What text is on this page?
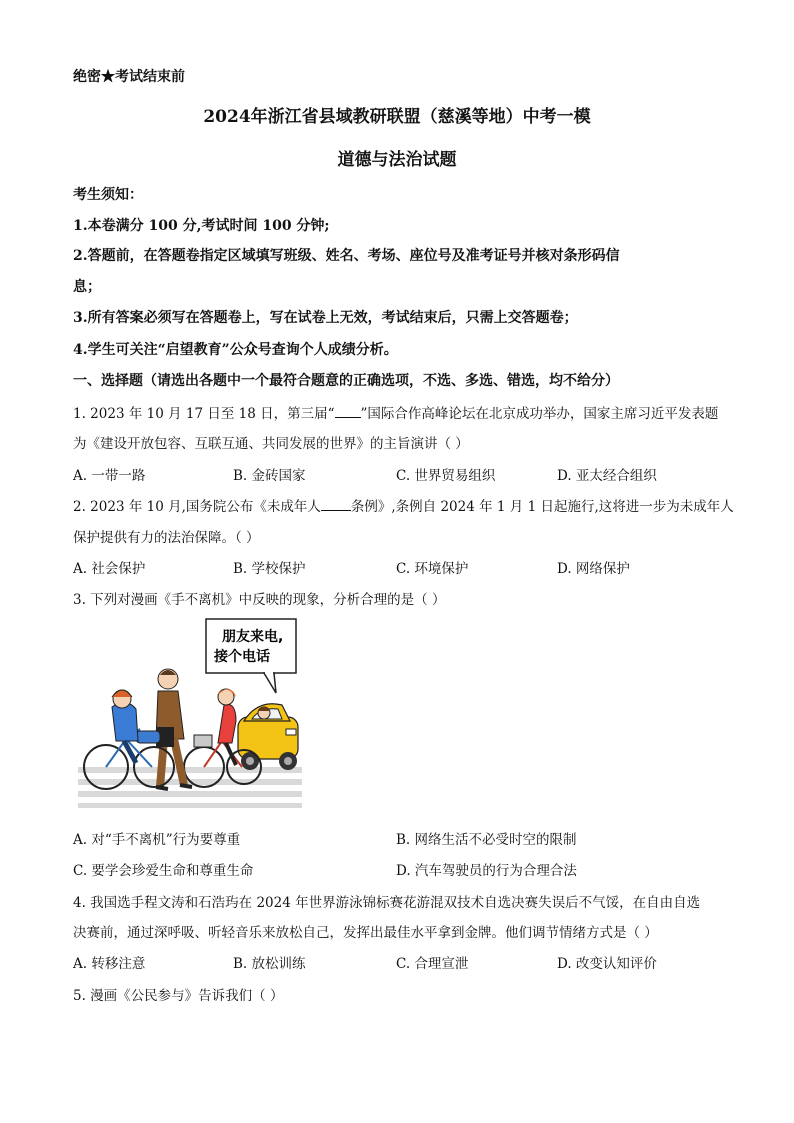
绝密★考试结束前
2024年浙江省县域教研联盟（慈溪等地）中考一模
道德与法治试题
考生须知：
1.本卷满分 100 分,考试时间 100 分钟;
2.答题前，在答题卷指定区域填写班级、姓名、考场、座位号及准考证号并核对条形码信
息；
3.所有答案必须写在答题卷上，写在试卷上无效，考试结束后，只需上交答题卷；
4.学生可关注“启望教育”公众号查询个人成绩分析。
一、选择题（请选出各题中一个最符合题意的正确选项，不选、多选、错选，均不给分）
1. 2023 年 10 月 17 日至 18 日，第三届“ ”国际合作高峰论坛在北京成功举办，国家主席习近平发表题
为《建设开放包容、互联互通、共同发展的世界》的主旨演讲（ ）
A. 一带一路	B. 金砖国家	C. 世界贸易组织	D. 亚太经合组织
2. 2023 年 10 月,国务院公布《未成年人 条例》,条例自 2024 年 1 月 1 日起施行,这将进一步为未成年人
保护提供有力的法治保障。（ ）
A. 社会保护	B. 学校保护	C. 环境保护	D. 网络保护
3. 下列对漫画《手不离机》中反映的现象，分析合理的是（ ）
朋友来电,
接个电话
A. 对“手不离机”行为要尊重	B. 网络生活不必受时空的限制
C. 要学会珍爱生命和尊重生命	D. 汽车驾驶员的行为合理合法
4. 我国选手程文涛和石浩玙在 2024 年世界游泳锦标赛花游混双技术自选决赛失误后不气馁，在自由自选
决赛前，通过深呼吸、听轻音乐来放松自己，发挥出最佳水平拿到金牌。他们调节情绪方式是（ ）
A. 转移注意	B. 放松训练	C. 合理宣泄	D. 改变认知评价
5. 漫画《公民参与》告诉我们（ ）
